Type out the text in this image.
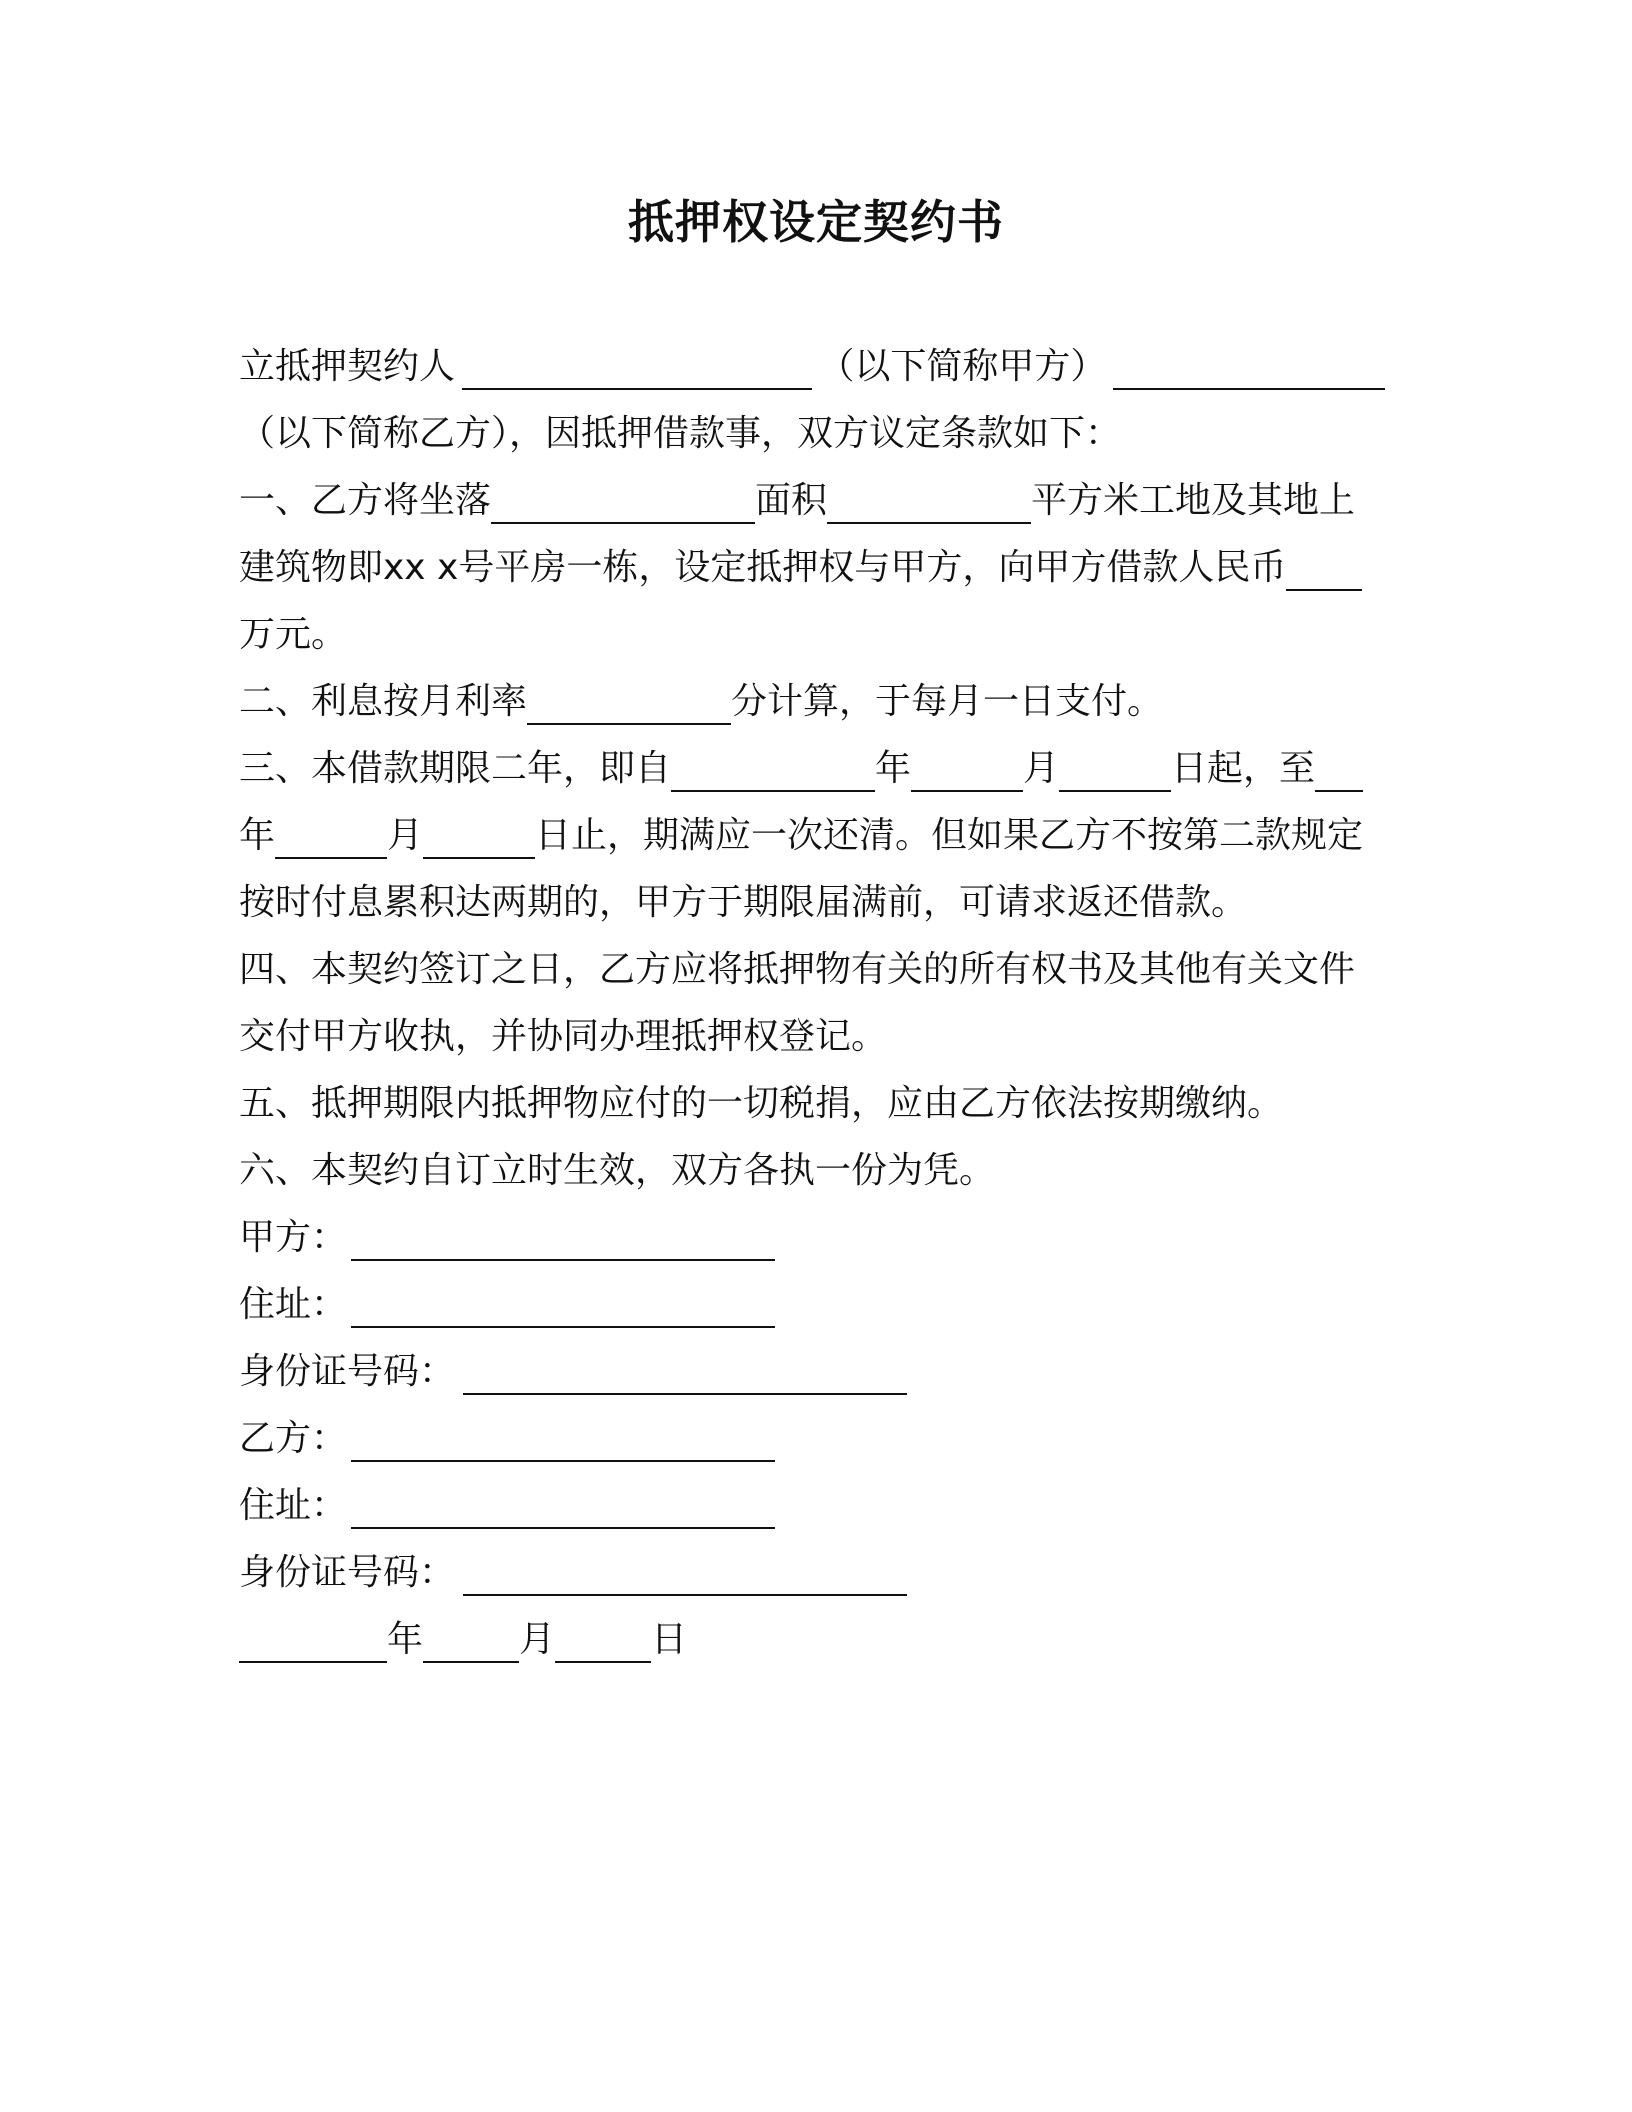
抵押权设定契约书
立抵押契约人	（以下简称甲方）
（以下简称乙方），因抵押借款事，双方议定条款如下：
一、乙方将坐落	面积	平方米工地及其地上
建筑物即xx x号平房一栋，设定抵押权与甲方，向甲方借款人民币
万元。
二、利息按月利率	分计算，于每月一日支付。
三、本借款期限二年，即自	年	月	日起，至
年	月	日止，期满应一次还清。但如果乙方不按第二款规定
按时付息累积达两期的，甲方于期限届满前，可请求返还借款。
四、本契约签订之日，乙方应将抵押物有关的所有权书及其他有关文件
交付甲方收执，并协同办理抵押权登记。
五、抵押期限内抵押物应付的一切税捐，应由乙方依法按期缴纳。
六、本契约自订立时生效，双方各执一份为凭。
甲方：
住址：
身份证号码：
乙方：
住址：
身份证号码：
年	月	日
